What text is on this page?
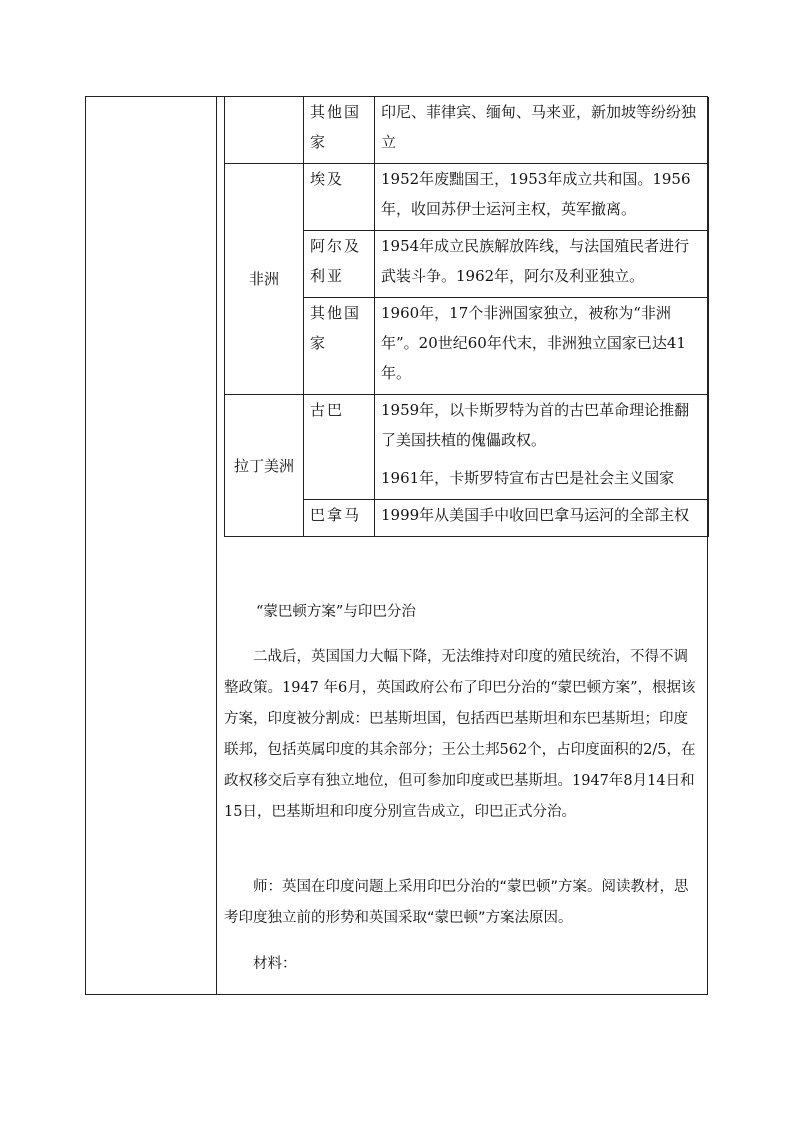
	其他国家	印尼、菲律宾、缅甸、马来亚，新加坡等纷纷独立
非洲	埃及	1952年废黜国王，1953年成立共和国。1956年，收回苏伊士运河主权，英军撤离。
	阿尔及利亚	1954年成立民族解放阵线，与法国殖民者进行武装斗争。1962年，阿尔及利亚独立。
	其他国家	1960年，17个非洲国家独立，被称为“非洲年”。20世纪60年代末，非洲独立国家已达41年。
拉丁美洲	古巴	1959年，以卡斯罗特为首的古巴革命理论推翻了美国扶植的傀儡政权。
1961年，卡斯罗特宣布古巴是社会主义国家

	巴拿马	1999年从美国手中收回巴拿马运河的全部主权

“蒙巴顿方案”与印巴分治

二战后，英国国力大幅下降，无法维持对印度的殖民统治，不得不调整政策。1947 年6月，英国政府公布了印巴分治的“蒙巴顿方案”，根据该方案，印度被分割成：巴基斯坦国，包括西巴基斯坦和东巴基斯坦；印度联邦，包括英属印度的其余部分；王公土邦562个，占印度面积的2/5，在政权移交后享有独立地位，但可参加印度或巴基斯坦。1947年8月14日和15日，巴基斯坦和印度分别宣告成立，印巴正式分治。

师：英国在印度问题上采用印巴分治的“蒙巴顿”方案。阅读教材，思考印度独立前的形势和英国采取“蒙巴顿”方案法原因。

材料：
